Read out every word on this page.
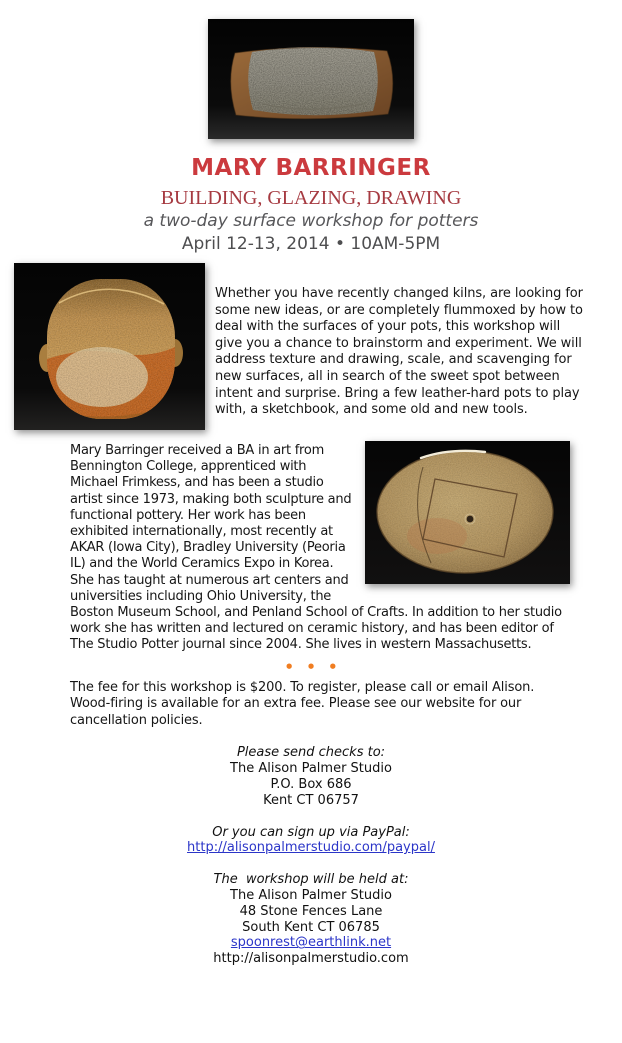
MARY BARRINGER
BUILDING, GLAZING, DRAWING
a two-day surface workshop for potters
April 12-13, 2014 • 10AM-5PM

Whether you have recently changed kilns, are looking for some new ideas, or are completely flummoxed by how to deal with the surfaces of your pots, this workshop will give you a chance to brainstorm and experiment. We will address texture and drawing, scale, and scavenging for new surfaces, all in search of the sweet spot between intent and surprise. Bring a few leather-hard pots to play with, a sketchbook, and some old and new tools.

Mary Barringer received a BA in art from Bennington College, apprenticed with Michael Frimkess, and has been a studio artist since 1973, making both sculpture and functional pottery. Her work has been exhibited internationally, most recently at AKAR (Iowa City), Bradley University (Peoria IL) and the World Ceramics Expo in Korea. She has taught at numerous art centers and universities including Ohio University, the Boston Museum School, and Penland School of Crafts. In addition to her studio work she has written and lectured on ceramic history, and has been editor of The Studio Potter journal since 2004. She lives in western Massachusetts.
• • •

The fee for this workshop is $200. To register, please call or email Alison. Wood-firing is available for an extra fee. Please see our website for our cancellation policies.

Please send checks to:
The Alison Palmer Studio
P.O. Box 686
Kent CT 06757
Or you can sign up via PayPal:
http://alisonpalmerstudio.com/paypal/
The  workshop will be held at:
The Alison Palmer Studio
48 Stone Fences Lane
South Kent CT 06785
spoonrest@earthlink.net
http://alisonpalmerstudio.com
